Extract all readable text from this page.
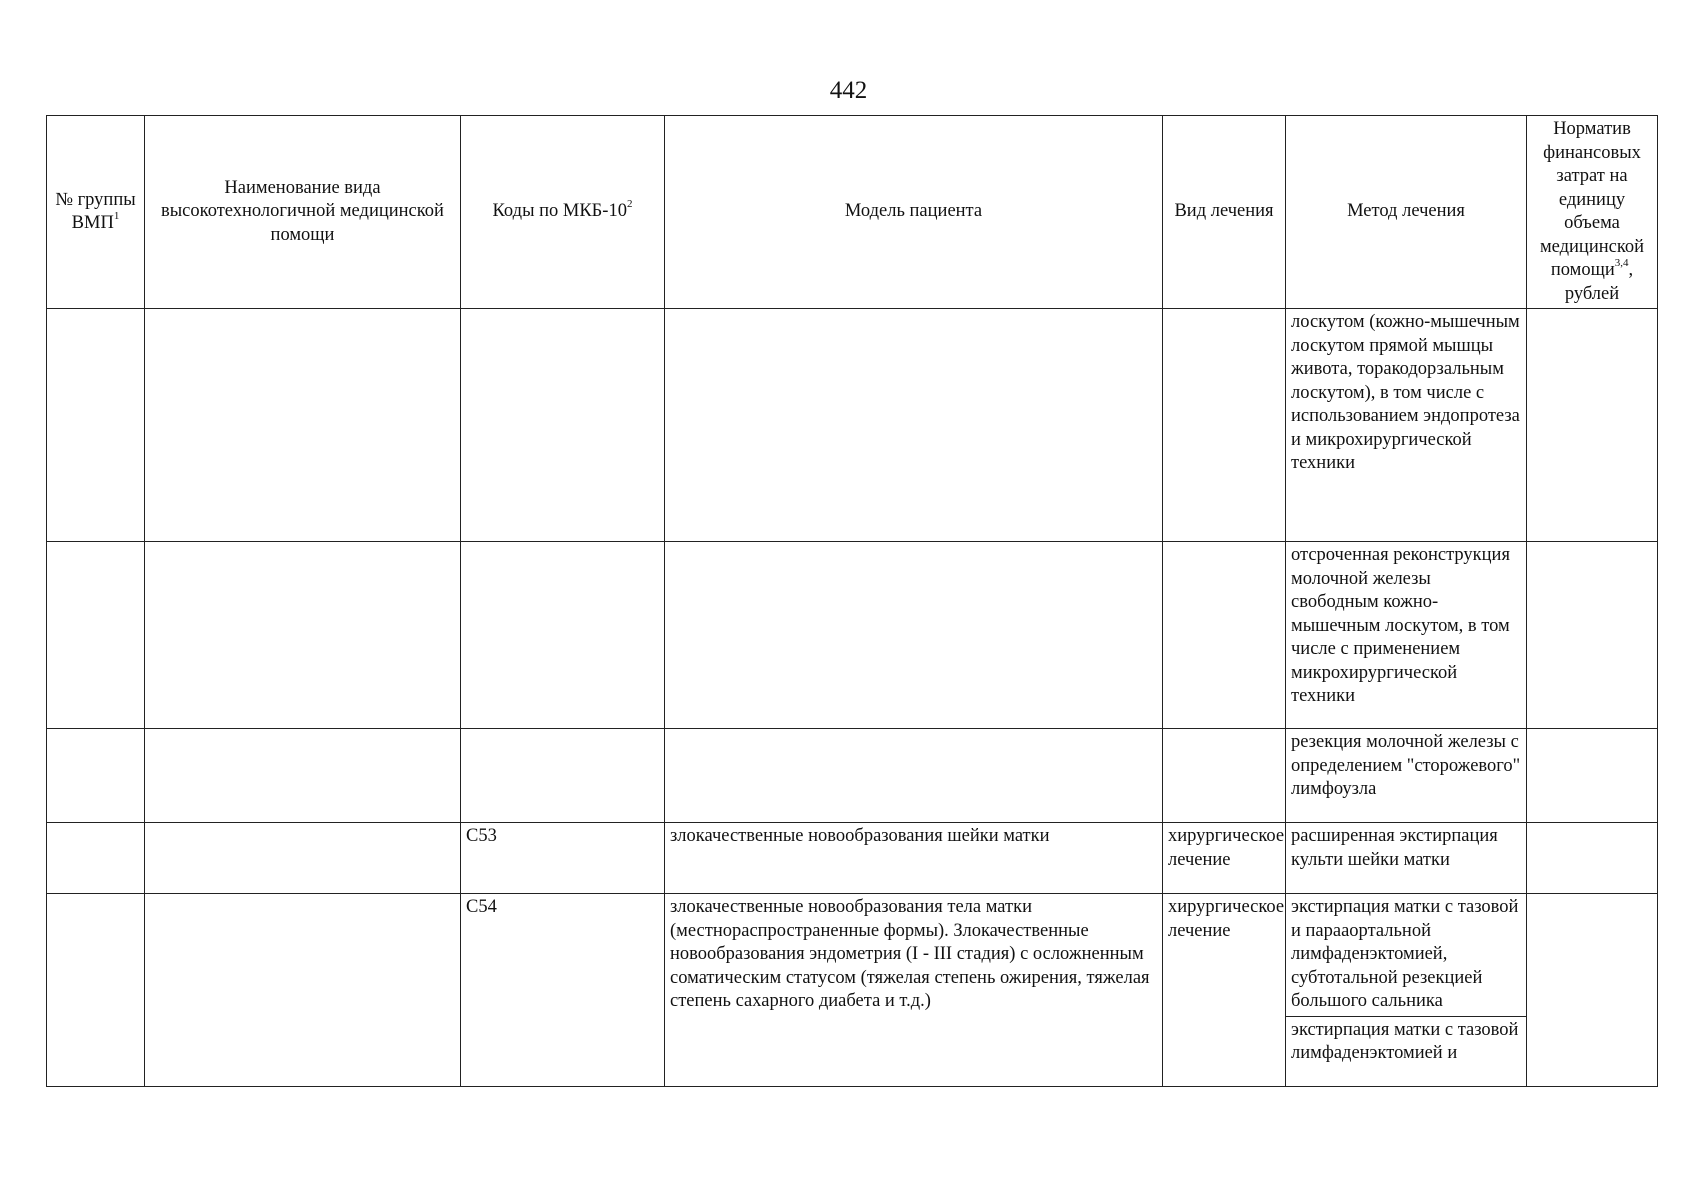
442
№ группы ВМП$^1$	Наименование вида высокотехнологичной медицинской помощи	Коды по МКБ-$10^2$	Модель пациента	Вид лечения	Метод лечения	Норматив финансовых затрат на единицу объема медицинской помощи$^{3,4}$, рублей
					лоскутом (кожно-мышечным лоскутом прямой мышцы живота, торакодорзальным лоскутом), в том числе с использованием эндопротеза и микрохирургической техники	
					отсроченная реконструкция молочной железы свободным кожно-мышечным лоскутом, в том числе с применением микрохирургической техники	
					резекция молочной железы с определением "сторожевого" лимфоузла	
		C53	злокачественные новообразования шейки матки	хирургическое лечение	расширенная экстирпация культи шейки матки	
		C54	злокачественные новообразования тела матки (местнораспространенные формы). Злокачественные новообразования эндометрия (I - III стадия) с осложненным соматическим статусом (тяжелая степень ожирения, тяжелая степень сахарного диабета и т.д.)	хирургическое лечение	экстирпация матки с тазовой и парааортальной лимфаденэктомией, субтотальной резекцией большого сальника	
					экстирпация матки с тазовой лимфаденэктомией и	
